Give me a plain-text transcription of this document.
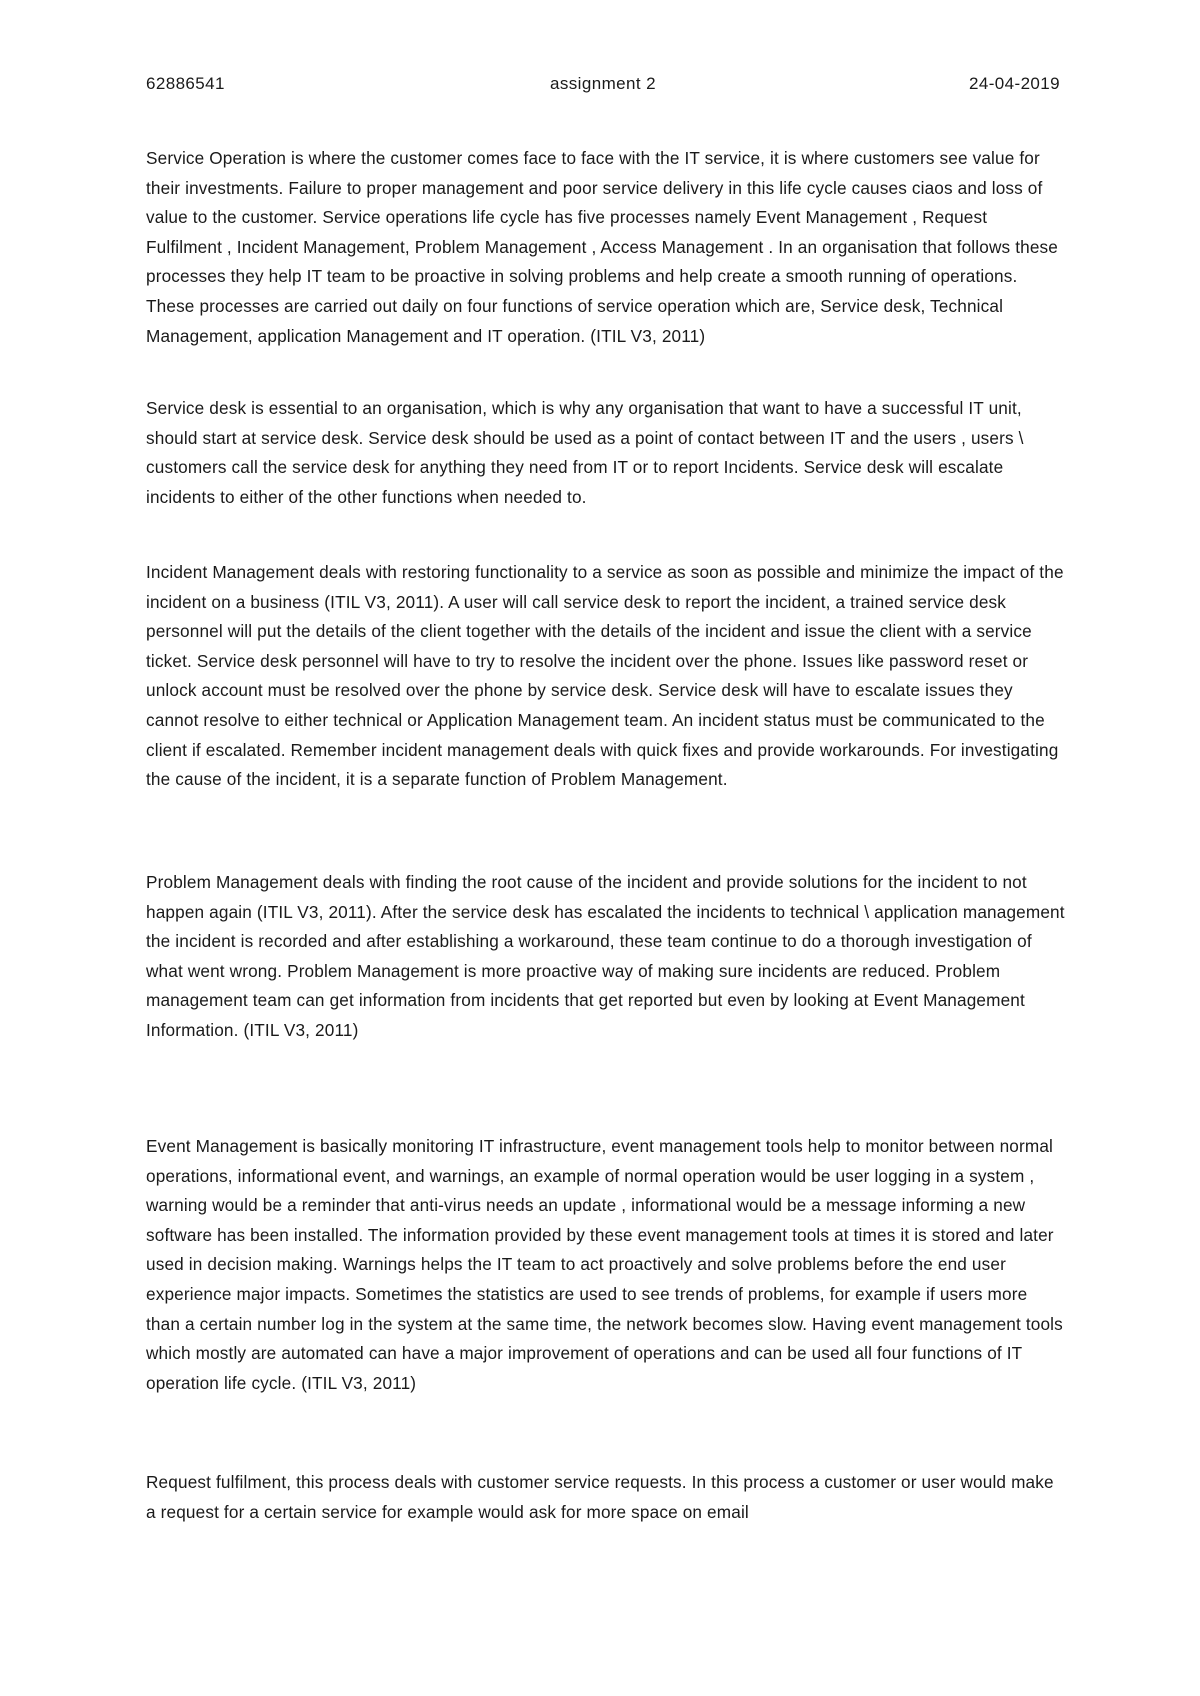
62886541	assignment 2	24-04-2019

Service Operation is where the customer comes face to face with the IT service, it is where customers see value for their investments. Failure to proper management and poor service delivery in this life cycle causes ciaos and loss of value to the customer. Service operations life cycle has five processes namely Event Management , Request Fulfilment , Incident Management, Problem Management , Access Management . In an organisation that follows these processes they help IT team to be proactive in solving problems and help create a smooth running of operations. These processes are carried out daily on four functions of service operation which are, Service desk, Technical Management, application Management and IT operation. (ITIL V3, 2011)

Service desk is essential to an organisation, which is why any organisation that want to have a successful IT unit, should start at service desk. Service desk should be used as a point of contact between IT and the users , users \ customers call the service desk for anything they need from IT or to report Incidents. Service desk will escalate incidents to either of the other functions when needed to.

Incident Management deals with restoring functionality to a service as soon as possible and minimize the impact of the incident on a business (ITIL V3, 2011). A user will call service desk to report the incident, a trained service desk personnel will put the details of the client together with the details of the incident and issue the client with a service ticket. Service desk personnel will have to try to resolve the incident over the phone. Issues like password reset or unlock account must be resolved over the phone by service desk. Service desk will have to escalate issues they cannot resolve to either technical or Application Management team. An incident status must be communicated to the client if escalated. Remember incident management deals with quick fixes and provide workarounds. For investigating the cause of the incident, it is a separate function of Problem Management.

Problem Management deals with finding the root cause of the incident and provide solutions for the incident to not happen again (ITIL V3, 2011). After the service desk has escalated the incidents to technical \ application management the incident is recorded and after establishing a workaround, these team continue to do a thorough investigation of what went wrong. Problem Management is more proactive way of making sure incidents are reduced. Problem management team can get information from incidents that get reported but even by looking at Event Management Information. (ITIL V3, 2011)

Event Management is basically monitoring IT infrastructure, event management tools help to monitor between normal operations, informational event, and warnings, an example of normal operation would be user logging in a system , warning would be a reminder that anti-virus needs an update , informational would be a message informing a new software has been installed. The information provided by these event management tools at times it is stored and later used in decision making. Warnings helps the IT team to act proactively and solve problems before the end user experience major impacts. Sometimes the statistics are used to see trends of problems, for example if users more than a certain number log in the system at the same time, the network becomes slow. Having event management tools which mostly are automated can have a major improvement of operations and can be used all four functions of IT operation life cycle. (ITIL V3, 2011)

Request fulfilment, this process deals with customer service requests. In this process a customer or user would make a request for a certain service for example would ask for more space on email
